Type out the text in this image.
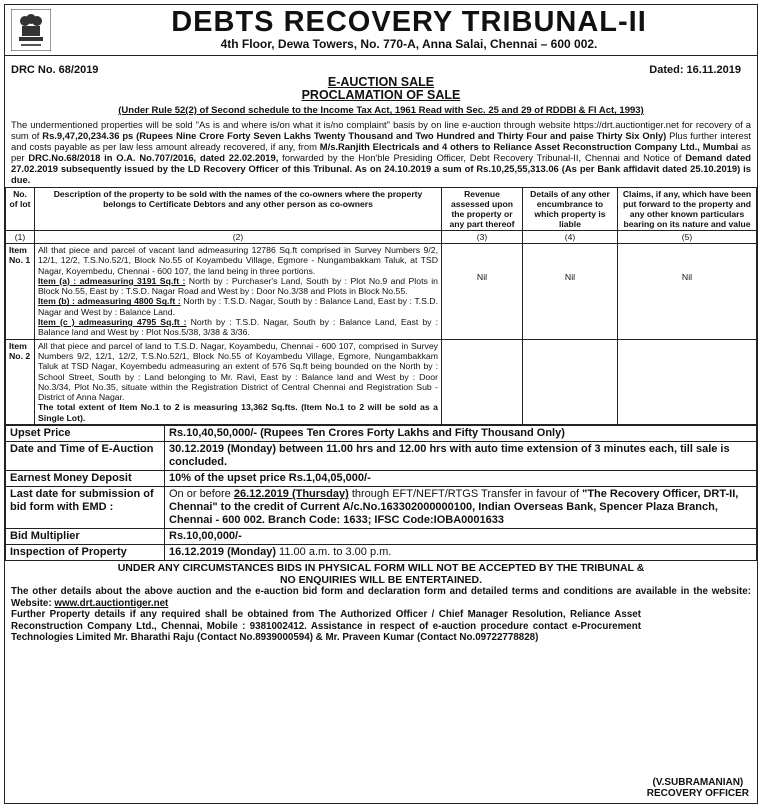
DEBTS RECOVERY TRIBUNAL-II
4th Floor, Dewa Towers, No. 770-A, Anna Salai, Chennai – 600 002.
DRC No. 68/2019	Dated: 16.11.2019
E-AUCTION SALE
PROCLAMATION OF SALE
(Under Rule 52(2) of Second schedule to the Income Tax Act, 1961 Read with Sec. 25 and 29 of RDDBI & FI Act, 1993)
The undermentioned properties will be sold "As is and where is/on what it is/no complaint" basis by on line e-auction through website https://drt.auctiontiger.net for recovery of a sum of Rs.9,47,20,234.36 ps (Rupees Nine Crore Forty Seven Lakhs Twenty Thousand and Two Hundred and Thirty Four and paise Thirty Six Only) Plus further interest and costs payable as per law less amount already recovered, if any, from M/s.Ranjith Electricals and 4 others to Reliance Asset Reconstruction Company Ltd., Mumbai as per DRC.No.68/2018 in O.A. No.707/2016, dated 22.02.2019, forwarded by the Hon'ble Presiding Officer, Debt Recovery Tribunal-II, Chennai and Notice of Demand dated 27.02.2019 subsequently issued by the LD Recovery Officer of this Tribunal. As on 24.10.2019 a sum of Rs.10,25,55,313.06 (As per Bank affidavit dated 25.10.2019) is due.
No. of lot	Description of the property to be sold with the names of the co-owners where the property belongs to Certificate Debtors and any other person as co-owners	Revenue assessed upon the property or any part thereof	Details of any other encumbrance to which property is liable	Claims, if any, which have been put forward to the property and any other known particulars bearing on its nature and value
(1)	(2)	(3)	(4)	(5)
Item No. 1	All that piece and parcel of vacant land admeasuring 12786 Sq.ft comprised in Survey Numbers 9/2, 12/1, 12/2, T.S.No.52/1, Block No.55 of Koyambedu Village, Egmore - Nungambakkam Taluk, at TSD Nagar, Koyembedu, Chennai - 600 107, the land being in three portions.

Item (a) : admeasuring 3191 Sq.ft : North by : Purchaser's Land, South by : Plot No.9 and Plots in Block No.55, East by : T.S.D. Nagar Road and West by : Door No.3/38 and Plots in Block No.55.

Item (b) : admeasuring 4800 Sq.ft : North by : T.S.D. Nagar, South by : Balance Land, East by : T.S.D. Nagar and West by : Balance Land.

Item (c ) admeasuring 4795 Sq.ft : North by : T.S.D. Nagar, South by : Balance Land, East by : Balance land and West by : Plot Nos.5/38, 3/38 & 3/36.	Nil	Nil	Nil
Item No. 2	All that piece and parcel of land to T.S.D. Nagar, Koyambedu, Chennai - 600 107, comprised in Survey Numbers 9/2, 12/1, 12/2, T.S.No.52/1, Block No.55 of Koyambedu Village, Egmore, Nungambakkam Taluk at TSD Nagar, Koyembedu admeasuring an extent of 576 Sq.ft being bounded on the North by : School Street, South by : Land belonging to Mr. Ravi, East by : Balance land and West by : Door No.3/34, Plot No.35, situate within the Registration District of Central Chennai and Registration Sub - District of Anna Nagar.

The total extent of Item No.1 to 2 is measuring 13,362 Sq.fts. (Item No.1 to 2 will be sold as a Single Lot).			

Upset Price	Rs.10,40,50,000/- (Rupees Ten Crores Forty Lakhs and Fifty Thousand Only)
Date and Time of E-Auction	30.12.2019 (Monday) between 11.00 hrs and 12.00 hrs with auto time extension of 3 minutes each, till sale is concluded.
Earnest Money Deposit	10% of the upset price Rs.1,04,05,000/-
Last date for submission of bid form with EMD :	On or before 26.12.2019 (Thursday) through EFT/NEFT/RTGS Transfer in favour of "The Recovery Officer, DRT-II, Chennai" to the credit of Current A/c.No.163302000000100, Indian Overseas Bank, Spencer Plaza Branch, Chennai - 600 002. Branch Code: 1633; IFSC Code:IOBA0001633
Bid Multiplier	Rs.10,00,000/-
Inspection of Property	16.12.2019 (Monday) 11.00 a.m. to 3.00 p.m.
UNDER ANY CIRCUMSTANCES BIDS IN PHYSICAL FORM WILL NOT BE ACCEPTED BY THE TRIBUNAL &
NO ENQUIRIES WILL BE ENTERTAINED.
The other details about the above auction and the e-auction bid form and declaration form and detailed terms and conditions are available in the website: Website: www.drt.auctiontiger.net
Further Property details if any required shall be obtained from The Authorized Officer / Chief Manager Resolution, Reliance Asset Reconstruction Company Ltd., Chennai, Mobile : 9381002412. Assistance in respect of e-auction procedure contact e-Procurement Technologies Limited Mr. Bharathi Raju (Contact No.8939000594) & Mr. Praveen Kumar (Contact No.09722778828)
(V.SUBRAMANIAN)
RECOVERY OFFICER
